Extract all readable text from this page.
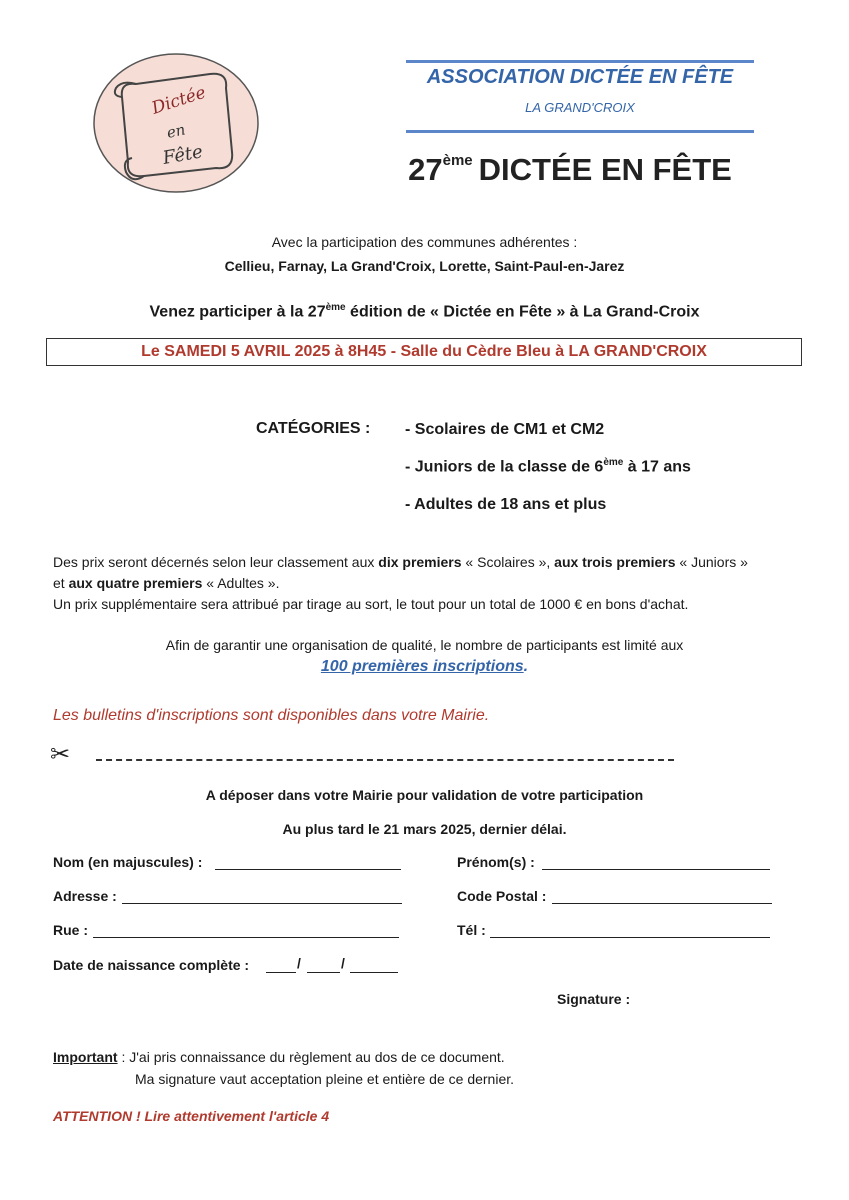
Dictée
en
Fête
ASSOCIATION DICTÉE EN FÊTE
LA GRAND'CROIX
27ème DICTÉE EN FÊTE
Avec la participation des communes adhérentes :
Cellieu, Farnay, La Grand'Croix, Lorette, Saint-Paul-en-Jarez
Venez participer à la 27ème édition de « Dictée en Fête » à La Grand-Croix
Le SAMEDI 5 AVRIL 2025 à 8H45 - Salle du Cèdre Bleu à LA GRAND'CROIX
CATÉGORIES : - Scolaires de CM1 et CM2
- Juniors de la classe de 6ème à 17 ans
- Adultes de 18 ans et plus
Des prix seront décernés selon leur classement aux dix premiers « Scolaires », aux trois premiers « Juniors »
et aux quatre premiers « Adultes ».
Un prix supplémentaire sera attribué par tirage au sort, le tout pour un total de 1000 € en bons d'achat.
Afin de garantir une organisation de qualité, le nombre de participants est limité aux
100 premières inscriptions.
Les bulletins d'inscriptions sont disponibles dans votre Mairie.
✂
A déposer dans votre Mairie pour validation de votre participation
Au plus tard le 21 mars 2025, dernier délai.
Nom (en majuscules) :	Prénom(s) :
Adresse :	Code Postal :
Rue :	Tél :
Date de naissance complète :	/	/
Signature :
Important : J'ai pris connaissance du règlement au dos de ce document.
Ma signature vaut acceptation pleine et entière de ce dernier.
ATTENTION ! Lire attentivement l'article 4
